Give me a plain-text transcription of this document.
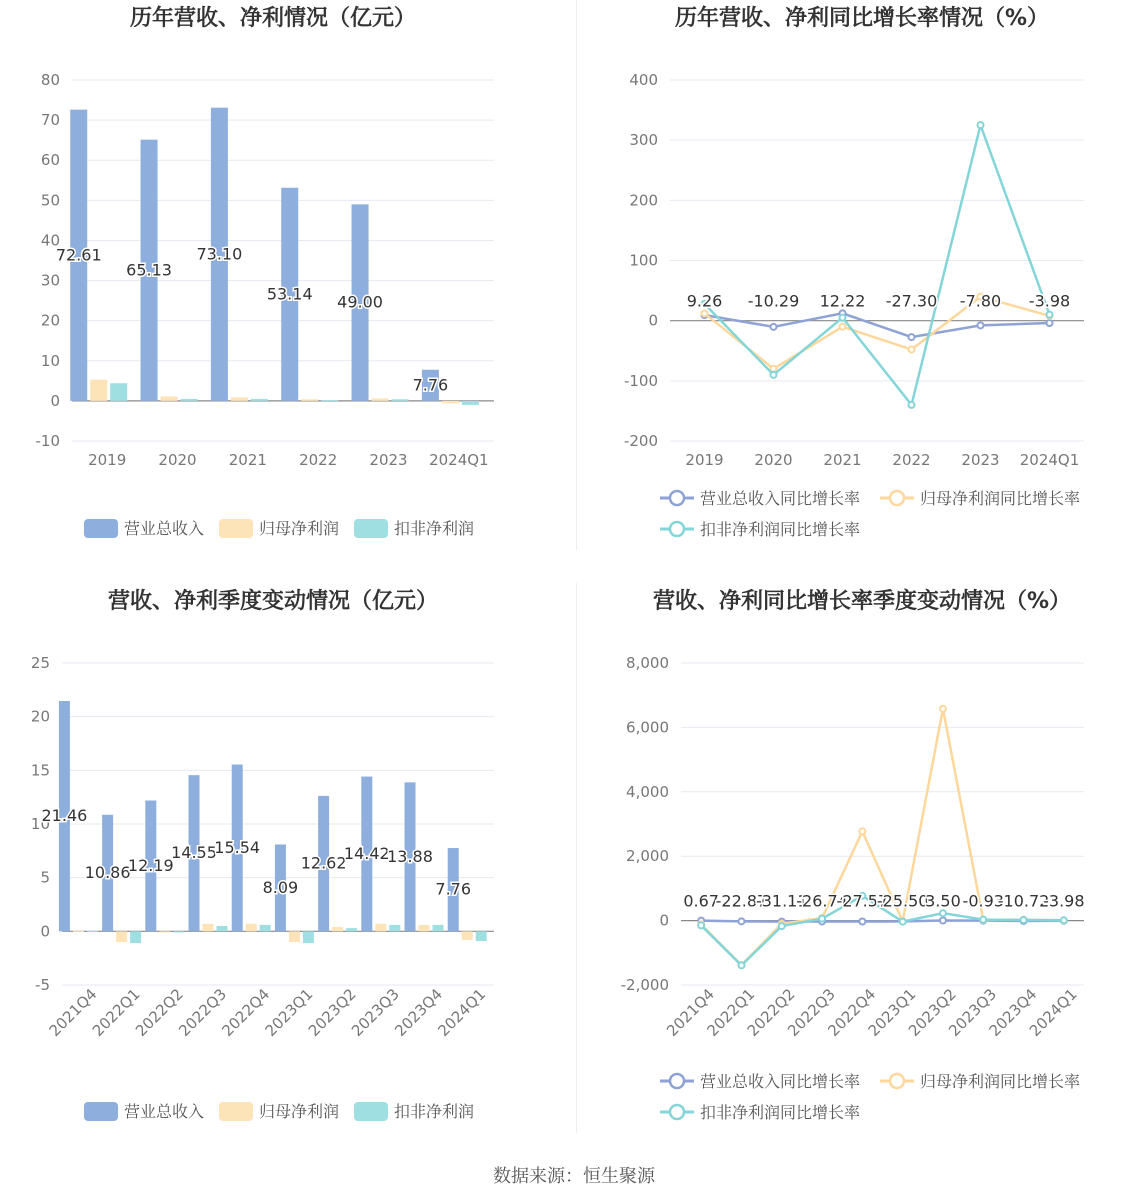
历年营收、净利情况（亿元）
80
70
60
50
40
30
20
10
0
-10
2019 2020 2021 2022 2023 2024Q1
72.61
65.13
73.10
53.14 49.00
7.76
营业总收入	归母净利润	扣非净利润
历年营收、净利同比增长率情况（%）
400
300
200
100
0
-100
-200
2019 2020 2021 2022 2023 2024Q1
9.26 -10.29 12.22 -27.30 -7.80 -3.98
营业总收入同比增长率	归母净利润同比增长率
扣非净利润同比增长率
营收、净利季度变动情况（亿元）
25
20
15
10
5
0
-5
2021Q4
2022Q1
2022Q2
2022Q3
2022Q4
2023Q1
2023Q2
2023Q3
2023Q4
2024Q1
21.46
10.86
12.19
14.55
15.54
8.09
12.62
14.42
13.88
7.76
营业总收入	归母净利润	扣非净利润
营收、净利同比增长率季度变动情况（%）
8,000
6,000
4,000
2,000
0
-2,000
2021Q4
2022Q1
2022Q2
2022Q3
2022Q4
2023Q1
2023Q2
2023Q3
2023Q4
2024Q1
0.67
-22.87
-31.11
-26.74
-27.57
-25.50
3.50 -0.93
-10.72
-3.98
营业总收入同比增长率	归母净利润同比增长率
扣非净利润同比增长率
数据来源：恒生聚源
